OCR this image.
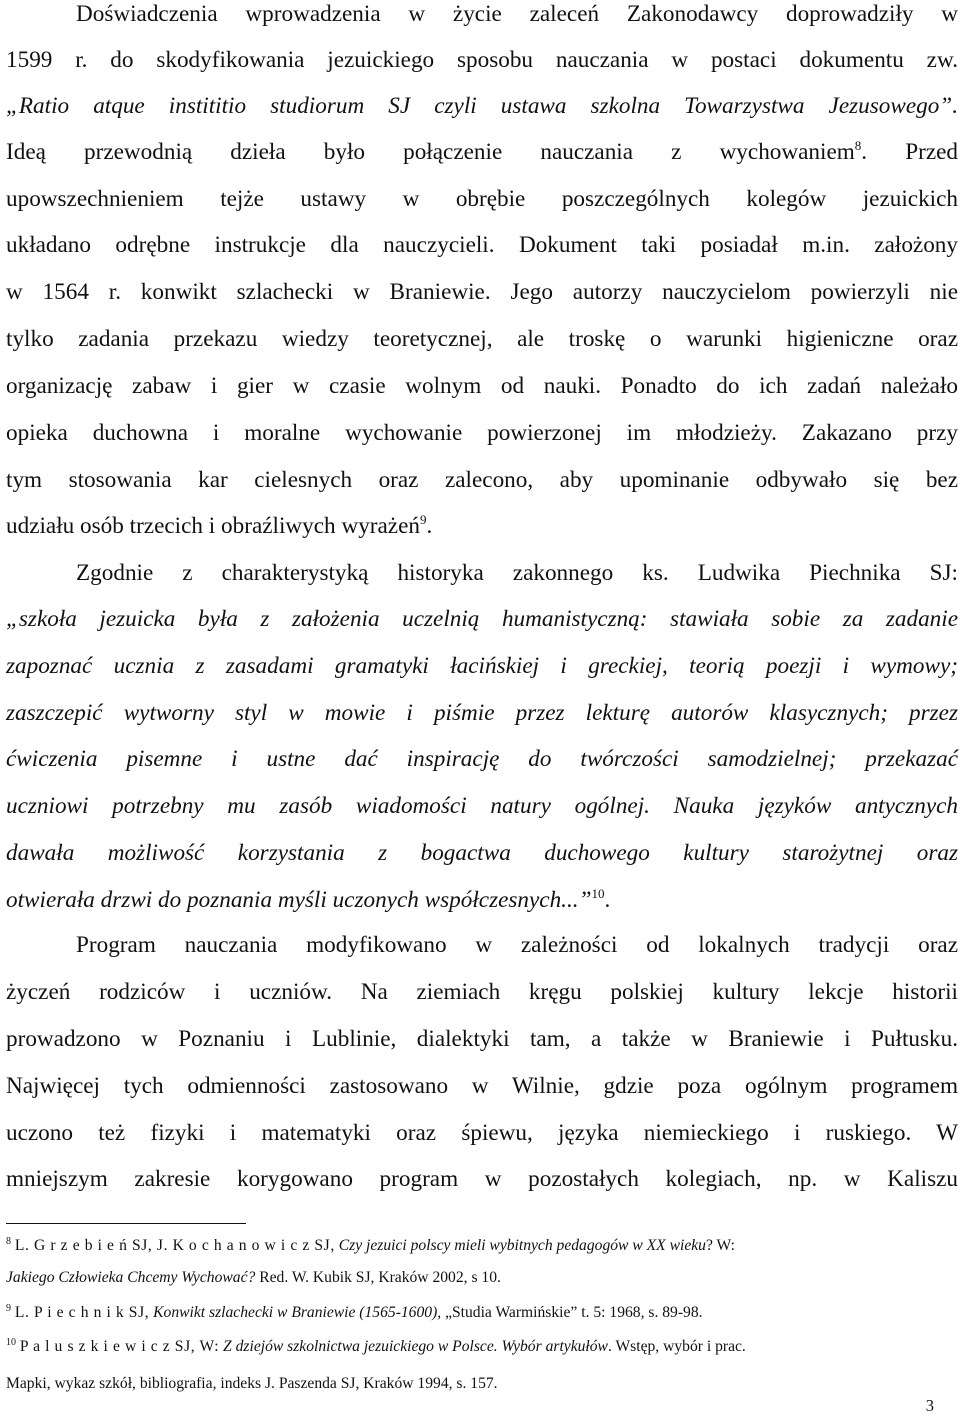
Doświadczenia wprowadzenia w życie zaleceń Zakonodawcy doprowadziły w
1599 r. do skodyfikowania jezuickiego sposobu nauczania w postaci dokumentu zw.
„Ratio atque instititio studiorum SJ czyli ustawa szkolna Towarzystwa Jezusowego”.
Ideą przewodnią dzieła było połączenie nauczania z wychowaniem$^8$. Przed
upowszechnieniem tejże ustawy w obrębie poszczególnych kolegów jezuickich
układano odrębne instrukcje dla nauczycieli. Dokument taki posiadał m.in. założony
w 1564 r. konwikt szlachecki w Braniewie. Jego autorzy nauczycielom powierzyli nie
tylko zadania przekazu wiedzy teoretycznej, ale troskę o warunki higieniczne oraz
organizację zabaw i gier w czasie wolnym od nauki. Ponadto do ich zadań należało
opieka duchowna i moralne wychowanie powierzonej im młodzieży. Zakazano przy
tym stosowania kar cielesnych oraz zalecono, aby upominanie odbywało się bez
udziału osób trzecich i obraźliwych wyrażeń$^9$.
Zgodnie z charakterystyką historyka zakonnego ks. Ludwika Piechnika SJ:
„szkoła jezuicka była z założenia uczelnią humanistyczną: stawiała sobie za zadanie
zapoznać ucznia z zasadami gramatyki łacińskiej i greckiej, teorią poezji i wymowy;
zaszczepić wytworny styl w mowie i piśmie przez lekturę autorów klasycznych; przez
ćwiczenia pisemne i ustne dać inspirację do twórczości samodzielnej; przekazać
uczniowi potrzebny mu zasób wiadomości natury ogólnej. Nauka języków antycznych
dawała możliwość korzystania z bogactwa duchowego kultury starożytnej oraz
otwierała drzwi do poznania myśli uczonych współczesnych...”$^{10}$.
Program nauczania modyfikowano w zależności od lokalnych tradycji oraz
życzeń rodziców i uczniów. Na ziemiach kręgu polskiej kultury lekcje historii
prowadzono w Poznaniu i Lublinie, dialektyki tam, a także w Braniewie i Pułtusku.
Najwięcej tych odmienności zastosowano w Wilnie, gdzie poza ogólnym programem
uczono też fizyki i matematyki oraz śpiewu, języka niemieckiego i ruskiego. W
mniejszym zakresie korygowano program w pozostałych kolegiach, np. w Kaliszu
$^8$ L. G r z e b i e ń SJ, J. K o c h a n o w i c z SJ, Czy jezuici polscy mieli wybitnych pedagogów w XX wieku? W:
Jakiego Człowieka Chcemy Wychować? Red. W. Kubik SJ, Kraków 2002, s 10.
$^9$ L. P i e c h n i k SJ, Konwikt szlachecki w Braniewie (1565-1600), „Studia Warmińskie” t. 5: 1968, s. 89-98.
$^{10}$ P a l u s z k i e w i c z SJ, W: Z dziejów szkolnictwa jezuickiego w Polsce. Wybór artykułów. Wstęp, wybór i prac.
Mapki, wykaz szkół, bibliografia, indeks J. Paszenda SJ, Kraków 1994, s. 157.
3
